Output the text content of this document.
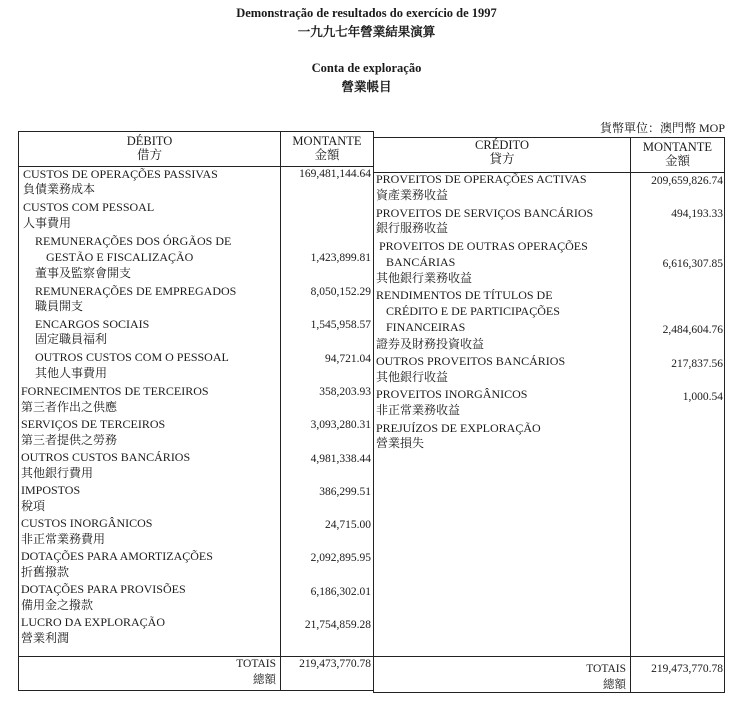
Demonstração de resultados do exercício de 1997
一九九七年營業結果演算
Conta de exploração
營業帳目
貨幣單位：澳門幣 MOP
DÉBITO
借方
MONTANTE
金額
CRÉDITO
貸方
MONTANTE
金額
CUSTOS DE OPERAÇÕES PASSIVAS
負債業務成本
CUSTOS COM PESSOAL
人事費用
REMUNERAÇÕES DOS ÓRGÃOS DE
GESTÃO E FISCALIZAÇÃO
董事及監察會開支
REMUNERAÇÕES DE EMPREGADOS
職員開支
ENCARGOS SOCIAIS
固定職員福利
OUTROS CUSTOS COM O PESSOAL
其他人事費用
FORNECIMENTOS DE TERCEIROS
第三者作出之供應
SERVIÇOS DE TERCEIROS
第三者提供之勞務
OUTROS CUSTOS BANCÁRIOS
其他銀行費用
IMPOSTOS
稅項
CUSTOS INORGÂNICOS
非正常業務費用
DOTAÇÕES PARA AMORTIZAÇÕES
折舊撥款
DOTAÇÕES PARA PROVISÕES
備用金之撥款
LUCRO DA EXPLORAÇÃO
營業利潤
169,481,144.64
1,423,899.81
8,050,152.29
1,545,958.57
94,721.04
358,203.93
3,093,280.31
4,981,338.44
386,299.51
24,715.00
2,092,895.95
6,186,302.01
21,754,859.28
TOTAIS
總額
219,473,770.78
PROVEITOS DE OPERAÇÕES ACTIVAS
資產業務收益
PROVEITOS DE SERVIÇOS BANCÁRIOS
銀行服務收益
PROVEITOS DE OUTRAS OPERAÇÕES
BANCÁRIAS
其他銀行業務收益
RENDIMENTOS DE TÍTULOS DE
CRÉDITO E DE PARTICIPAÇÕES
FINANCEIRAS
證券及財務投資收益
OUTROS PROVEITOS BANCÁRIOS
其他銀行收益
PROVEITOS INORGÂNICOS
非正常業務收益
PREJUÍZOS DE EXPLORAÇÃO
營業損失
209,659,826.74
494,193.33
6,616,307.85
2,484,604.76
217,837.56
1,000.54
TOTAIS
總額
219,473,770.78
